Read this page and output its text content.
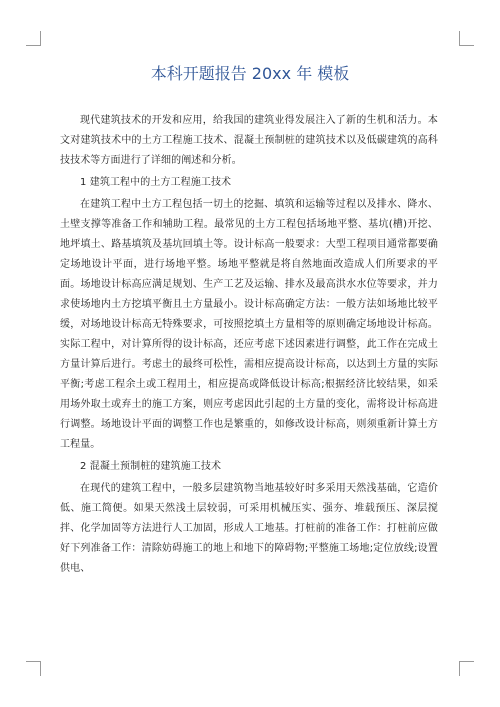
本科开题报告 20xx 年 模板

现代建筑技术的开发和应用，给我国的建筑业得发展注入了新的生机和活力。本文对建筑技术中的土方工程施工技术、混凝土预制桩的建筑技术以及低碳建筑的高科技技术等方面进行了详细的阐述和分析。

1 建筑工程中的土方工程施工技术

在建筑工程中土方工程包括一切土的挖掘、填筑和运输等过程以及排水、降水、土壁支撑等准备工作和辅助工程。最常见的土方工程包括场地平整、基坑(槽)开挖、地坪填土、路基填筑及基坑回填土等。设计标高一般要求：大型工程项目通常都要确定场地设计平面，进行场地平整。场地平整就是将自然地面改造成人们所要求的平面。场地设计标高应满足规划、生产工艺及运输、排水及最高洪水水位等要求，并力求使场地内土方挖填平衡且土方量最小。设计标高确定方法：一般方法如场地比较平缓，对场地设计标高无特殊要求，可按照挖填土方量相等的原则确定场地设计标高。实际工程中，对计算所得的设计标高，还应考虑下述因素进行调整，此工作在完成土方量计算后进行。考虑土的最终可松性，需相应提高设计标高，以达到土方量的实际平衡;考虑工程余土或工程用土，相应提高或降低设计标高;根据经济比较结果，如采用场外取土或弃土的施工方案，则应考虑因此引起的土方量的变化，需将设计标高进行调整。场地设计平面的调整工作也是繁重的，如修改设计标高，则须重新计算土方工程量。

2 混凝土预制桩的建筑施工技术

在现代的建筑工程中，一般多层建筑物当地基较好时多采用天然浅基础，它造价低、施工简便。如果天然浅土层较弱，可采用机械压实、强夯、堆载预压、深层搅拌、化学加固等方法进行人工加固，形成人工地基。打桩前的准备工作：打桩前应做好下列准备工作：清除妨碍施工的地上和地下的障碍物;平整施工场地;定位放线;设置供电、
